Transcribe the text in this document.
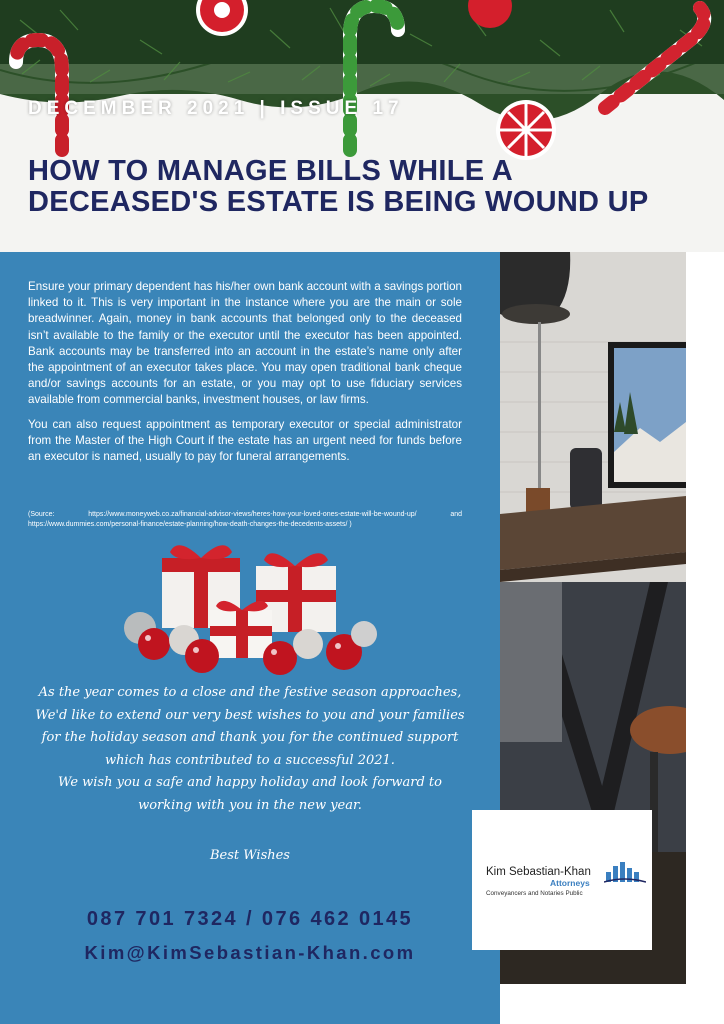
DECEMBER 2021 | ISSUE 17
HOW TO MANAGE BILLS WHILE A DECEASED'S ESTATE IS BEING WOUND UP

Ensure your primary dependent has his/her own bank account with a savings portion linked to it. This is very important in the instance where you are the main or sole breadwinner. Again, money in bank accounts that belonged only to the deceased isn’t available to the family or the executor until the executor has been appointed. Bank accounts may be transferred into an account in the estate’s name only after the appointment of an executor takes place. You may open traditional bank cheque and/or savings accounts for an estate, or you may opt to use fiduciary services available from commercial banks, investment houses, or law firms.

You can also request appointment as temporary executor or special administrator from the Master of the High Court if the estate has an urgent need for funds before an executor is named, usually to pay for funeral arrangements.

(Source: https://www.moneyweb.co.za/financial-advisor-views/heres-how-your-loved-ones-estate-will-be-wound-up/ and https://www.dummies.com/personal-finance/estate-planning/how-death-changes-the-decedents-assets/ )
As the year comes to a close and the festive season approaches,
We'd like to extend our very best wishes to you and your families
for the holiday season and thank you for the continued support
which has contributed to a successful 2021.
We wish you a safe and happy holiday and look forward to
working with you in the new year.
Best Wishes
087 701 7324 / 076 462 0145
Kim@KimSebastian-Khan.com
Kim Sebastian-Khan
Attorneys
Conveyancers and Notaries Public
